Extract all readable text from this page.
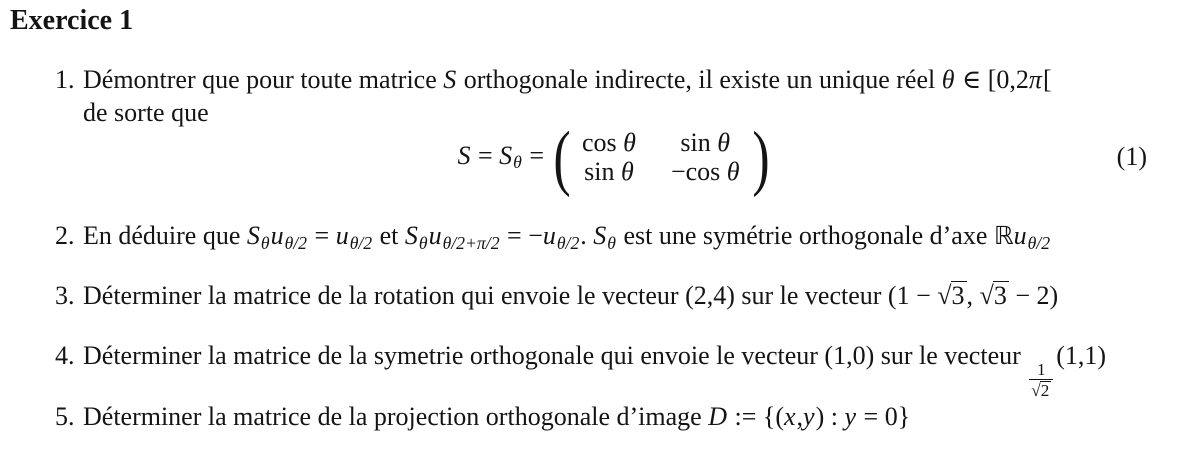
Exercice 1
1. Démontrer que pour toute matrice S orthogonale indirecte, il existe un unique réel θ ∈ [0,2π[
de sorte que
S = Sθ = ( cos θ	sin θ
sin θ −cos θ )	(1)
2. En déduire que Sθuθ/2 = uθ/2 et Sθuθ/2+π/2 = −uθ/2. Sθ est une symétrie orthogonale d’axe ℝuθ/2
3. Déterminer la matrice de la rotation qui envoie le vecteur (2,4) sur le vecteur (1 − √3, √3 − 2)
4. Déterminer la matrice de la symetrie orthogonale qui envoie le vecteur (1,0) sur le vecteur
$\frac{1}{√2}$
(1,1)
5. Déterminer la matrice de la projection orthogonale d’image D := {(x,y) : y = 0}
